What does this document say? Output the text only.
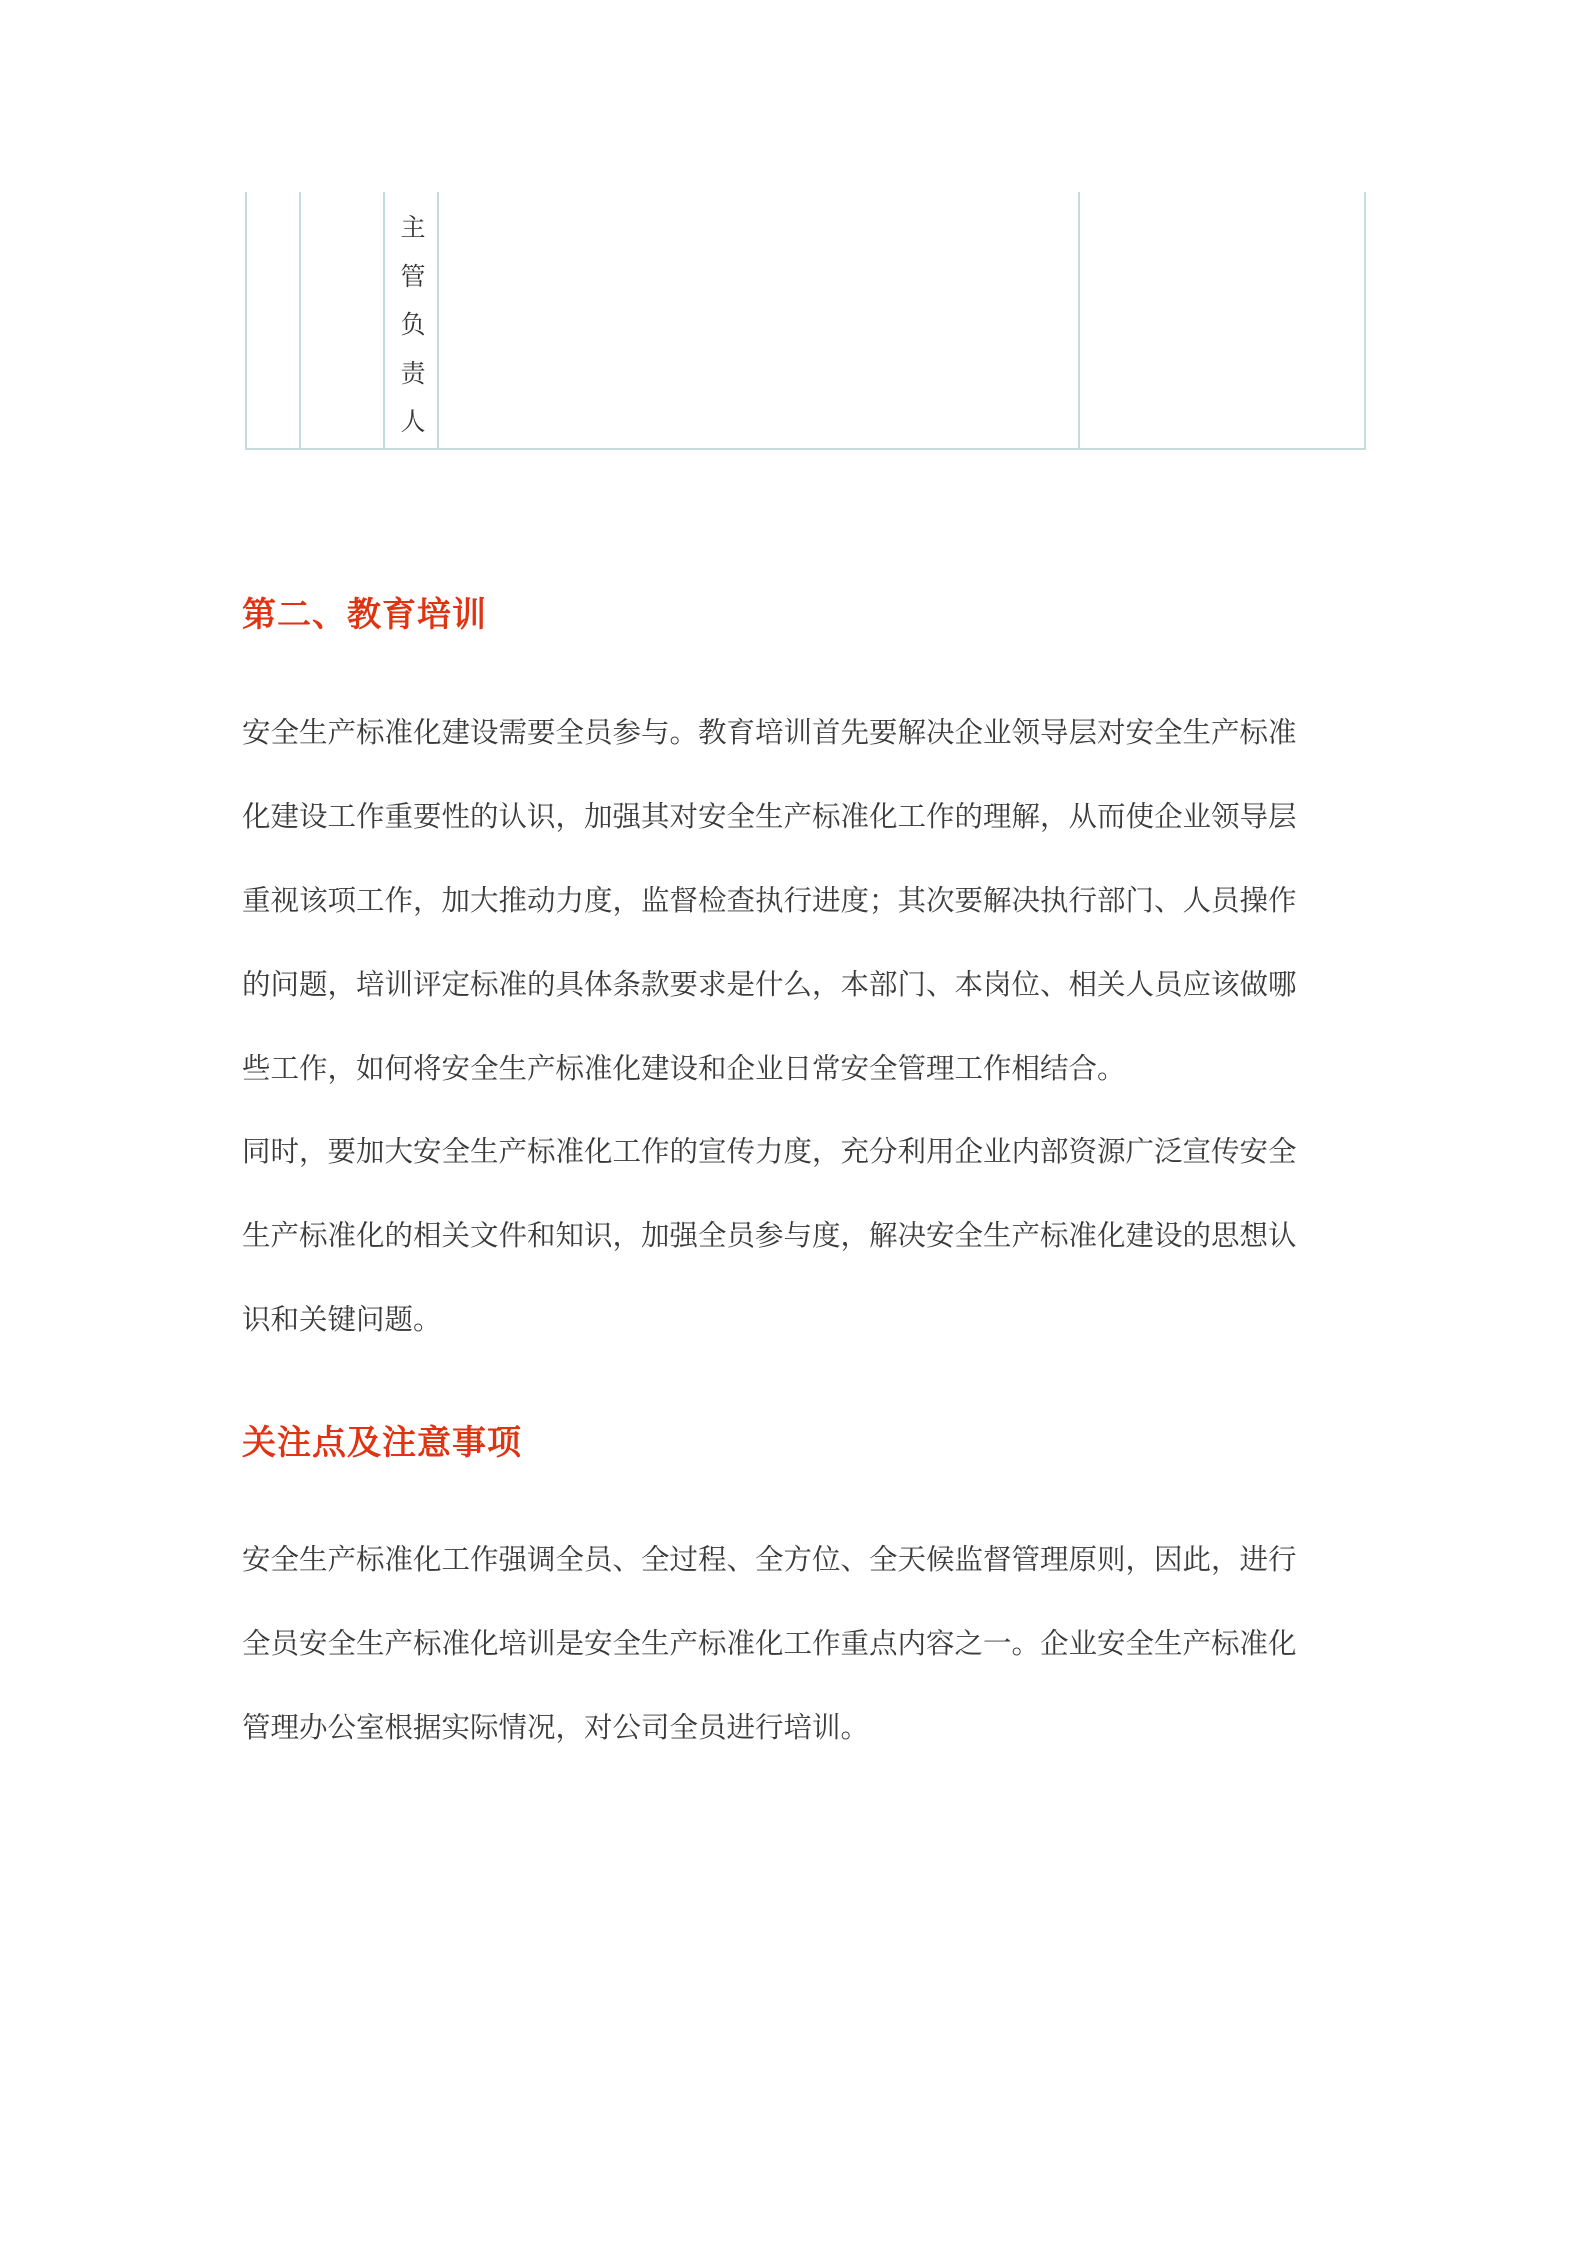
主
管
负
责
人
第二、教育培训

安全生产标准化建设需要全员参与。教育培训首先要解决企业领导层对安全生产标准
化建设工作重要性的认识，加强其对安全生产标准化工作的理解，从而使企业领导层
重视该项工作，加大推动力度，监督检查执行进度；其次要解决执行部门、人员操作
的问题，培训评定标准的具体条款要求是什么，本部门、本岗位、相关人员应该做哪
些工作，如何将安全生产标准化建设和企业日常安全管理工作相结合。

同时，要加大安全生产标准化工作的宣传力度，充分利用企业内部资源广泛宣传安全
生产标准化的相关文件和知识，加强全员参与度，解决安全生产标准化建设的思想认
识和关键问题。

关注点及注意事项

安全生产标准化工作强调全员、全过程、全方位、全天候监督管理原则，因此，进行
全员安全生产标准化培训是安全生产标准化工作重点内容之一。企业安全生产标准化
管理办公室根据实际情况，对公司全员进行培训。
